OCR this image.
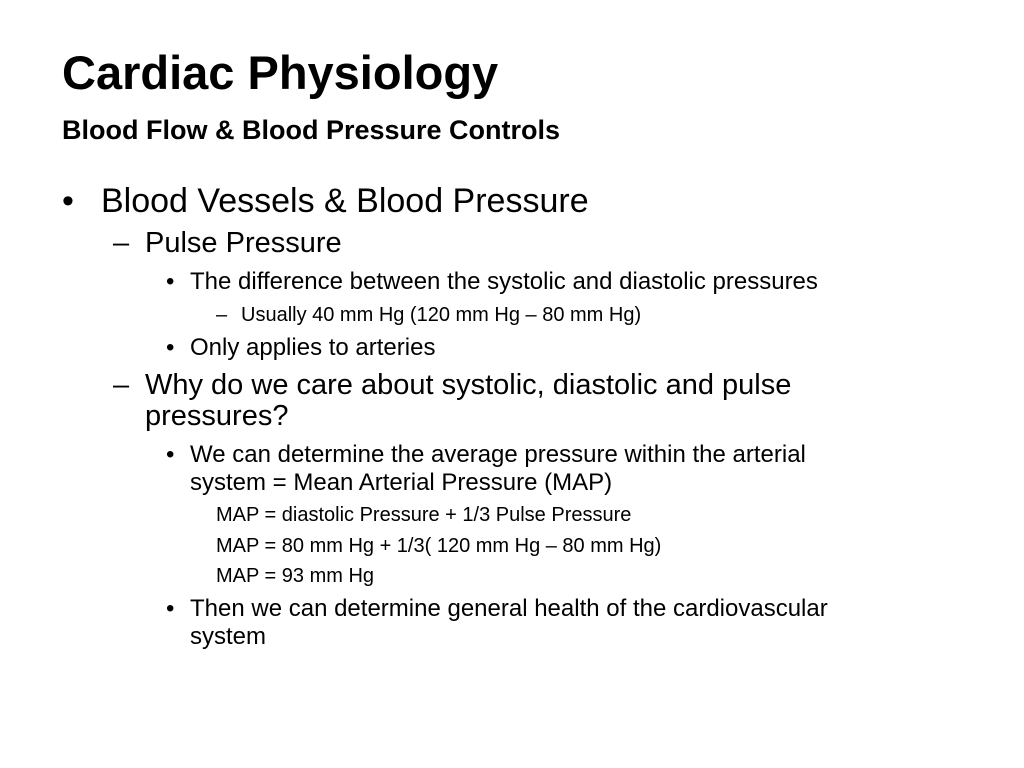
Cardiac Physiology
Blood Flow & Blood Pressure Controls
• Blood Vessels & Blood Pressure
– Pulse Pressure
• The difference between the systolic and diastolic pressures
– Usually 40 mm Hg (120 mm Hg – 80 mm Hg)
• Only applies to arteries
– Why do we care about systolic, diastolic and pulse
pressures?
• We can determine the average pressure within the arterial
system = Mean Arterial Pressure (MAP)
MAP = diastolic Pressure + 1/3 Pulse Pressure
MAP = 80 mm Hg + 1/3( 120 mm Hg – 80 mm Hg)
MAP = 93 mm Hg
• Then we can determine general health of the cardiovascular
system
